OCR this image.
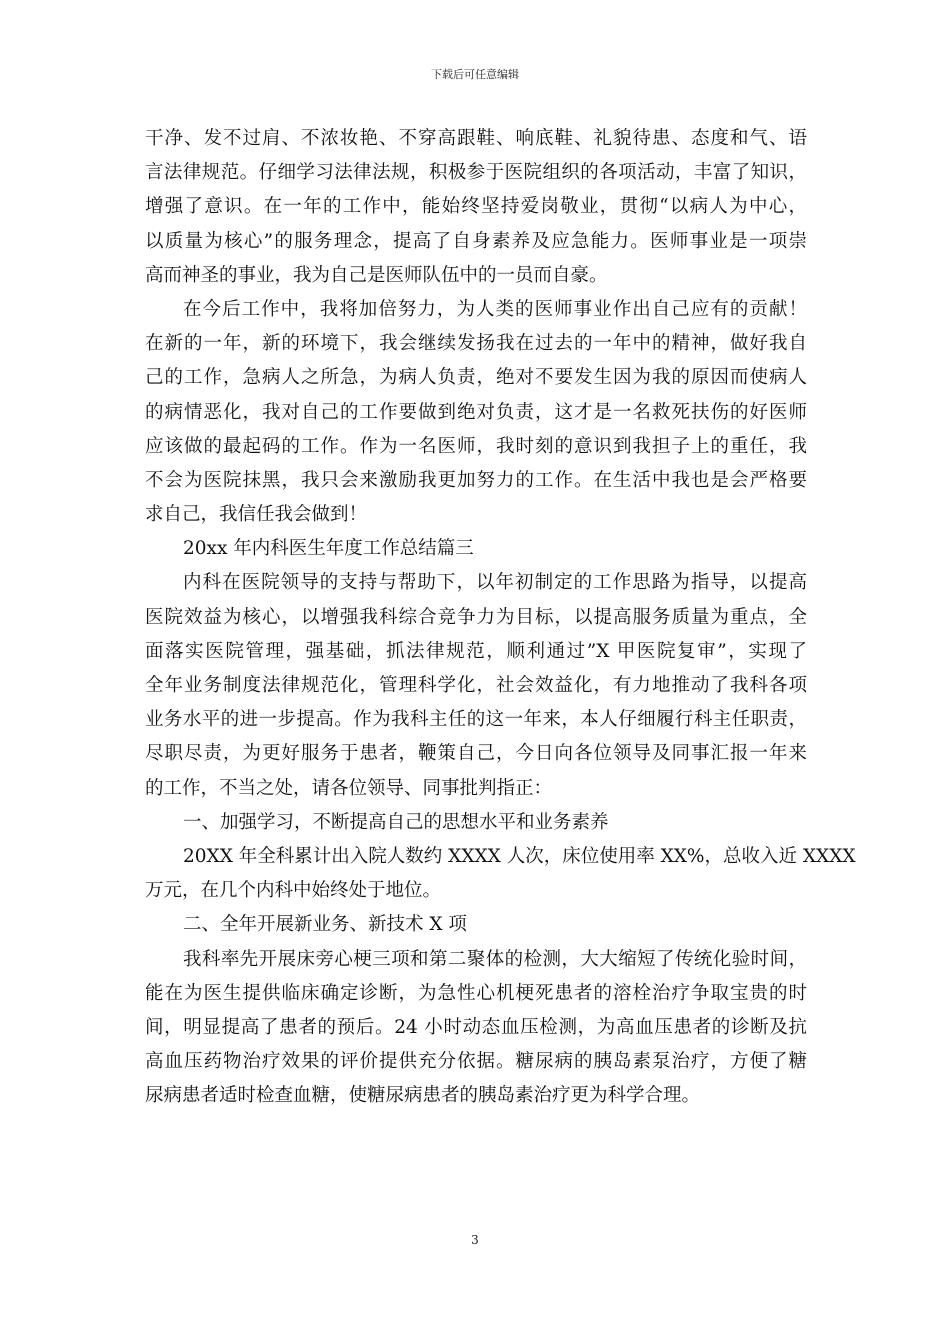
下载后可任意编辑
干净、发不过肩、不浓妆艳、不穿高跟鞋、响底鞋、礼貌待患、态度和气、语
言法律规范。仔细学习法律法规，积极参于医院组织的各项活动，丰富了知识，
增强了意识。在一年的工作中，能始终坚持爱岗敬业，贯彻“以病人为中心，
以质量为核心”的服务理念，提高了自身素养及应急能力。医师事业是一项崇
高而神圣的事业，我为自己是医师队伍中的一员而自豪。
在今后工作中，我将加倍努力，为人类的医师事业作出自己应有的贡献！
在新的一年，新的环境下，我会继续发扬我在过去的一年中的精神，做好我自
己的工作，急病人之所急，为病人负责，绝对不要发生因为我的原因而使病人
的病情恶化，我对自己的工作要做到绝对负责，这才是一名救死扶伤的好医师
应该做的最起码的工作。作为一名医师，我时刻的意识到我担子上的重任，我
不会为医院抹黑，我只会来激励我更加努力的工作。在生活中我也是会严格要
求自己，我信任我会做到！
20xx 年内科医生年度工作总结篇三
内科在医院领导的支持与帮助下，以年初制定的工作思路为指导，以提高
医院效益为核心，以增强我科综合竞争力为目标，以提高服务质量为重点，全
面落实医院管理，强基础，抓法律规范，顺利通过”X 甲医院复审”，实现了
全年业务制度法律规范化，管理科学化，社会效益化，有力地推动了我科各项
业务水平的进一步提高。作为我科主任的这一年来，本人仔细履行科主任职责，
尽职尽责，为更好服务于患者，鞭策自己，今日向各位领导及同事汇报一年来
的工作，不当之处，请各位领导、同事批判指正：
一、加强学习，不断提高自己的思想水平和业务素养
20XX 年全科累计出入院人数约 XXXX 人次，床位使用率 XX%，总收入近 XXXX
万元，在几个内科中始终处于地位。
二、全年开展新业务、新技术 X 项
我科率先开展床旁心梗三项和第二聚体的检测，大大缩短了传统化验时间，
能在为医生提供临床确定诊断，为急性心机梗死患者的溶栓治疗争取宝贵的时
间，明显提高了患者的预后。24 小时动态血压检测，为高血压患者的诊断及抗
高血压药物治疗效果的评价提供充分依据。糖尿病的胰岛素泵治疗，方便了糖
尿病患者适时检查血糖，使糖尿病患者的胰岛素治疗更为科学合理。
3
